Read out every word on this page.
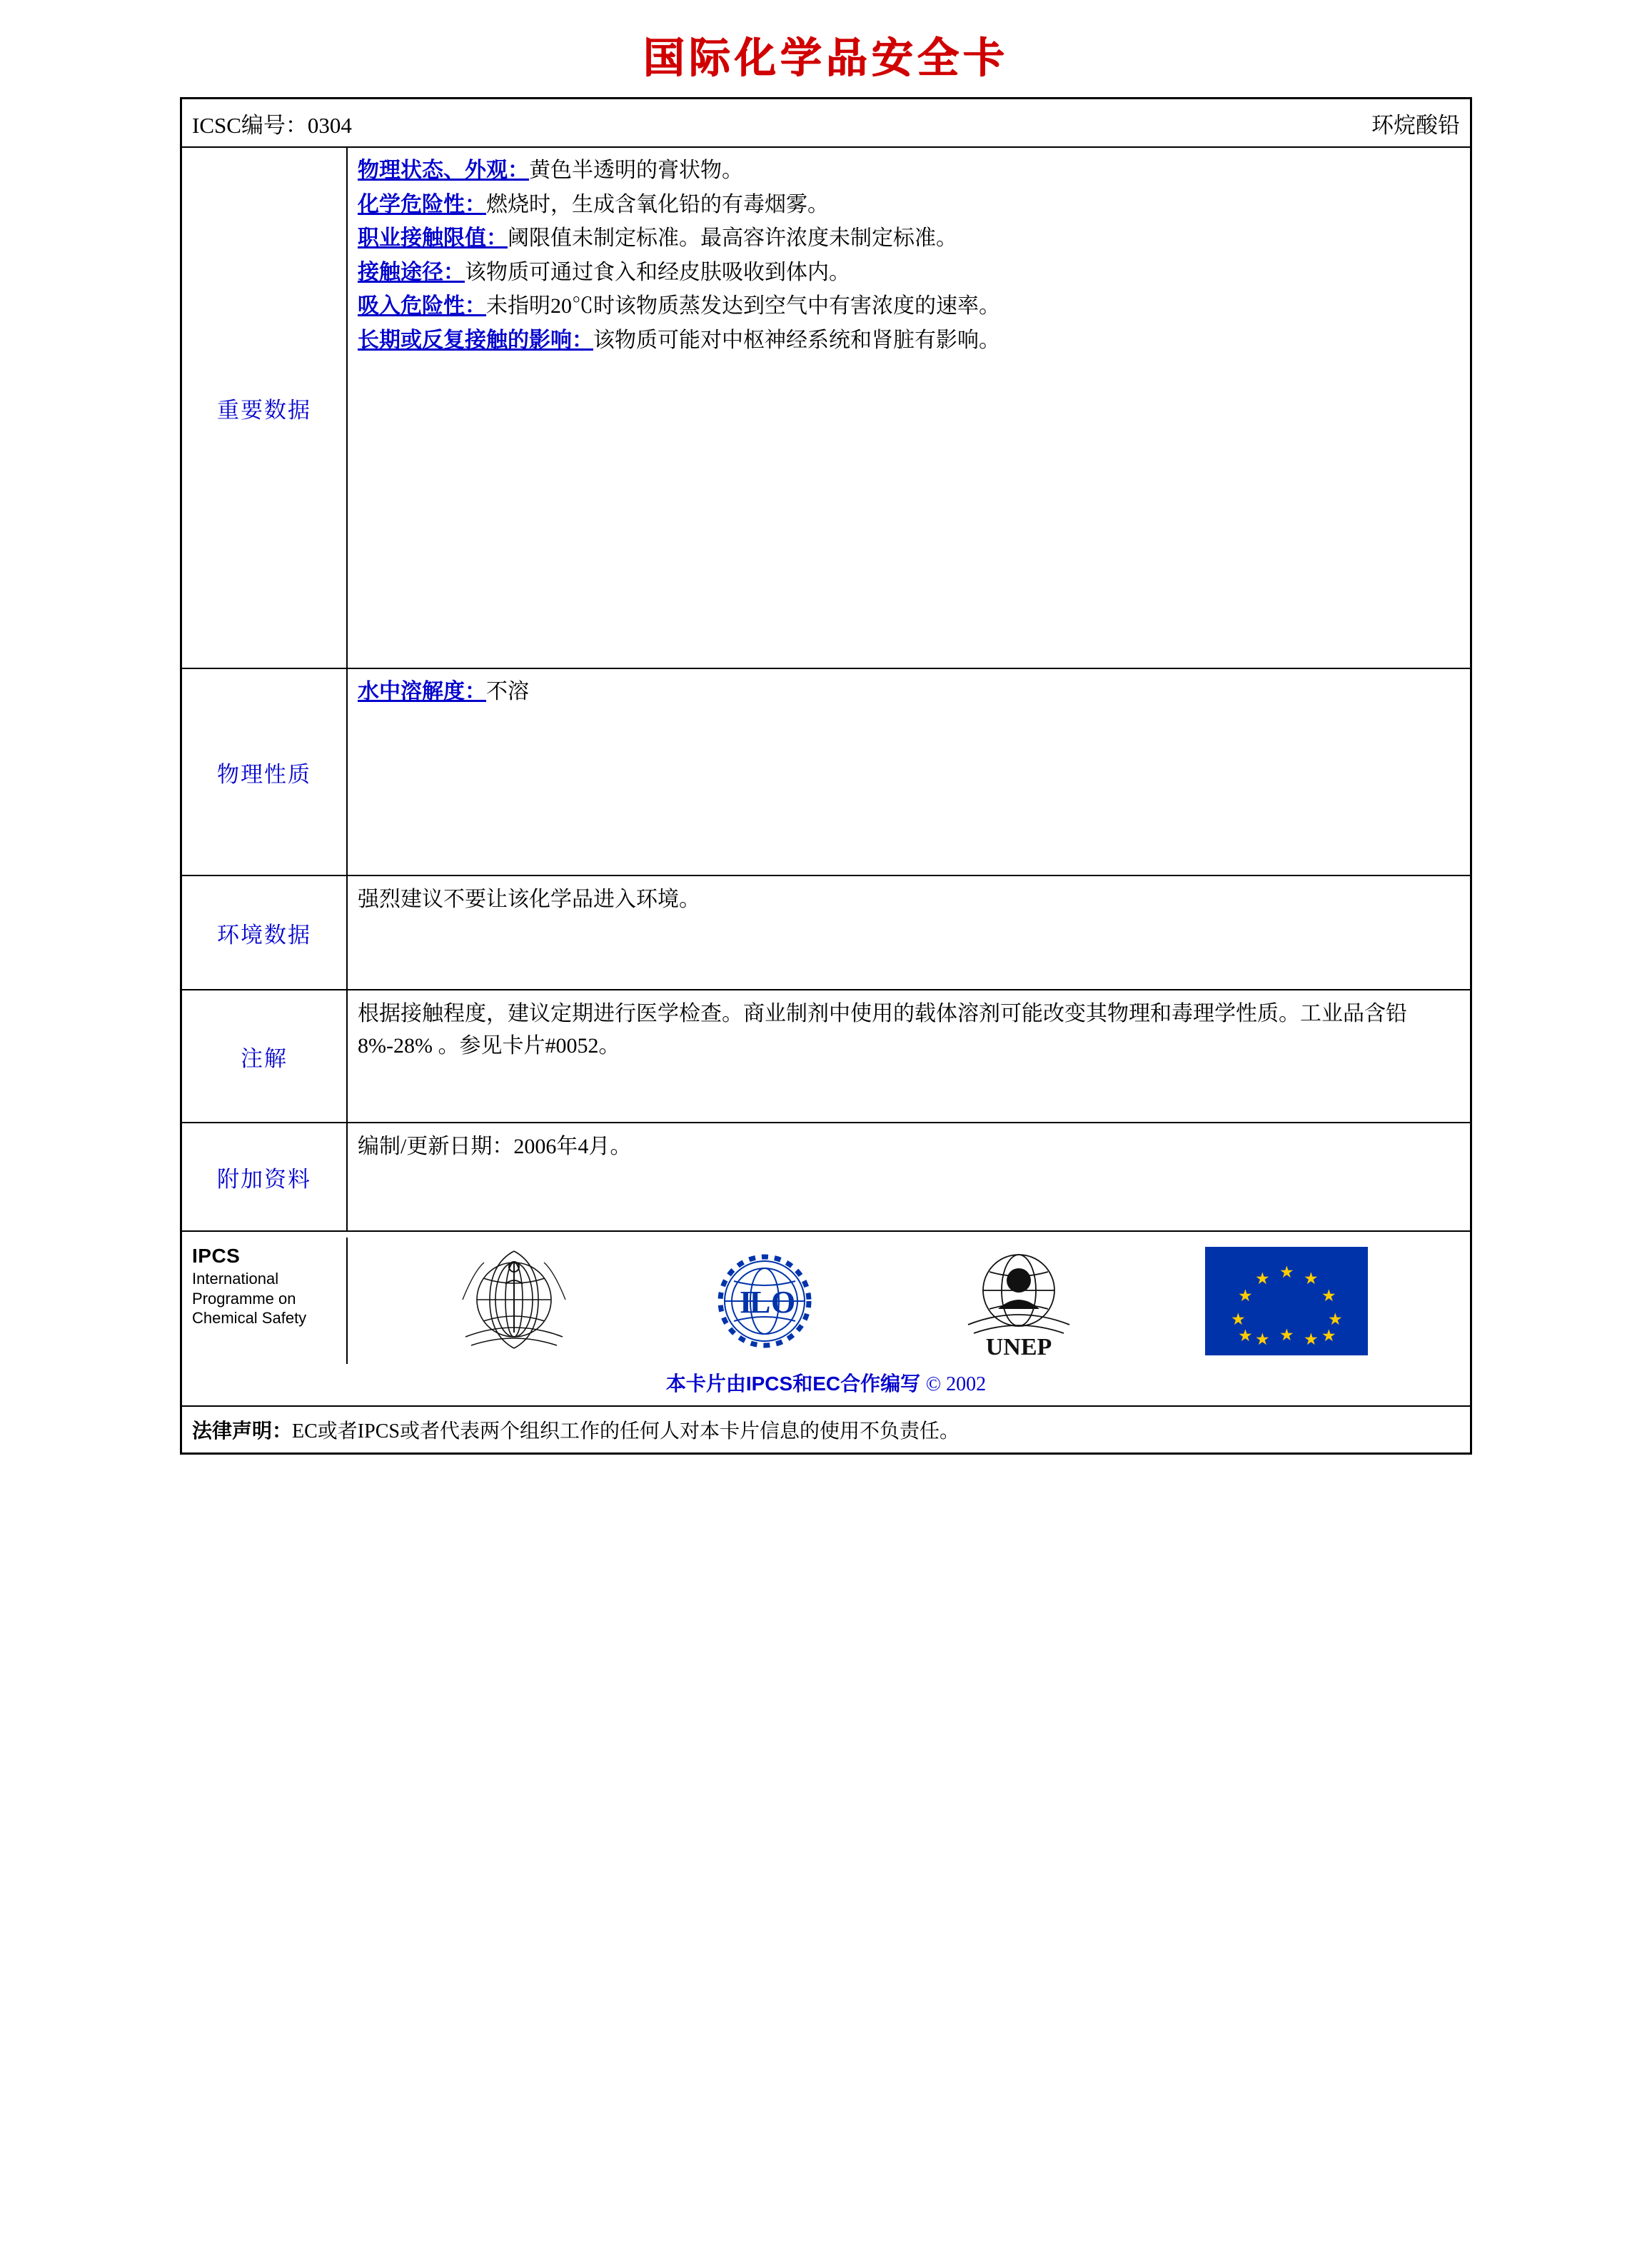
国际化学品安全卡
ICSC编号：0304	环烷酸铅
重要数据
物理状态、外观：黄色半透明的膏状物。
化学危险性：燃烧时，生成含氧化铅的有毒烟雾。
职业接触限值：阈限值未制定标准。最高容许浓度未制定标准。
接触途径：该物质可通过食入和经皮肤吸收到体内。
吸入危险性：未指明20℃时该物质蒸发达到空气中有害浓度的速率。
长期或反复接触的影响：该物质可能对中枢神经系统和肾脏有影响。
物理性质
水中溶解度：不溶
环境数据
强烈建议不要让该化学品进入环境。
注解
根据接触程度，建议定期进行医学检查。商业制剂中使用的载体溶剂可能改变其物理和毒理学性质。工业品含铅8%-28% 。参见卡片#0052。
附加资料
编制/更新日期：2006年4月。
IPCS
International
Programme on
Chemical Safety	I
L O
UNEP
★ ★
★
★
★
★
★
★
★
★
★
★
本卡片由IPCS和EC合作编写 © 2002
法律声明：EC或者IPCS或者代表两个组织工作的任何人对本卡片信息的使用不负责任。
